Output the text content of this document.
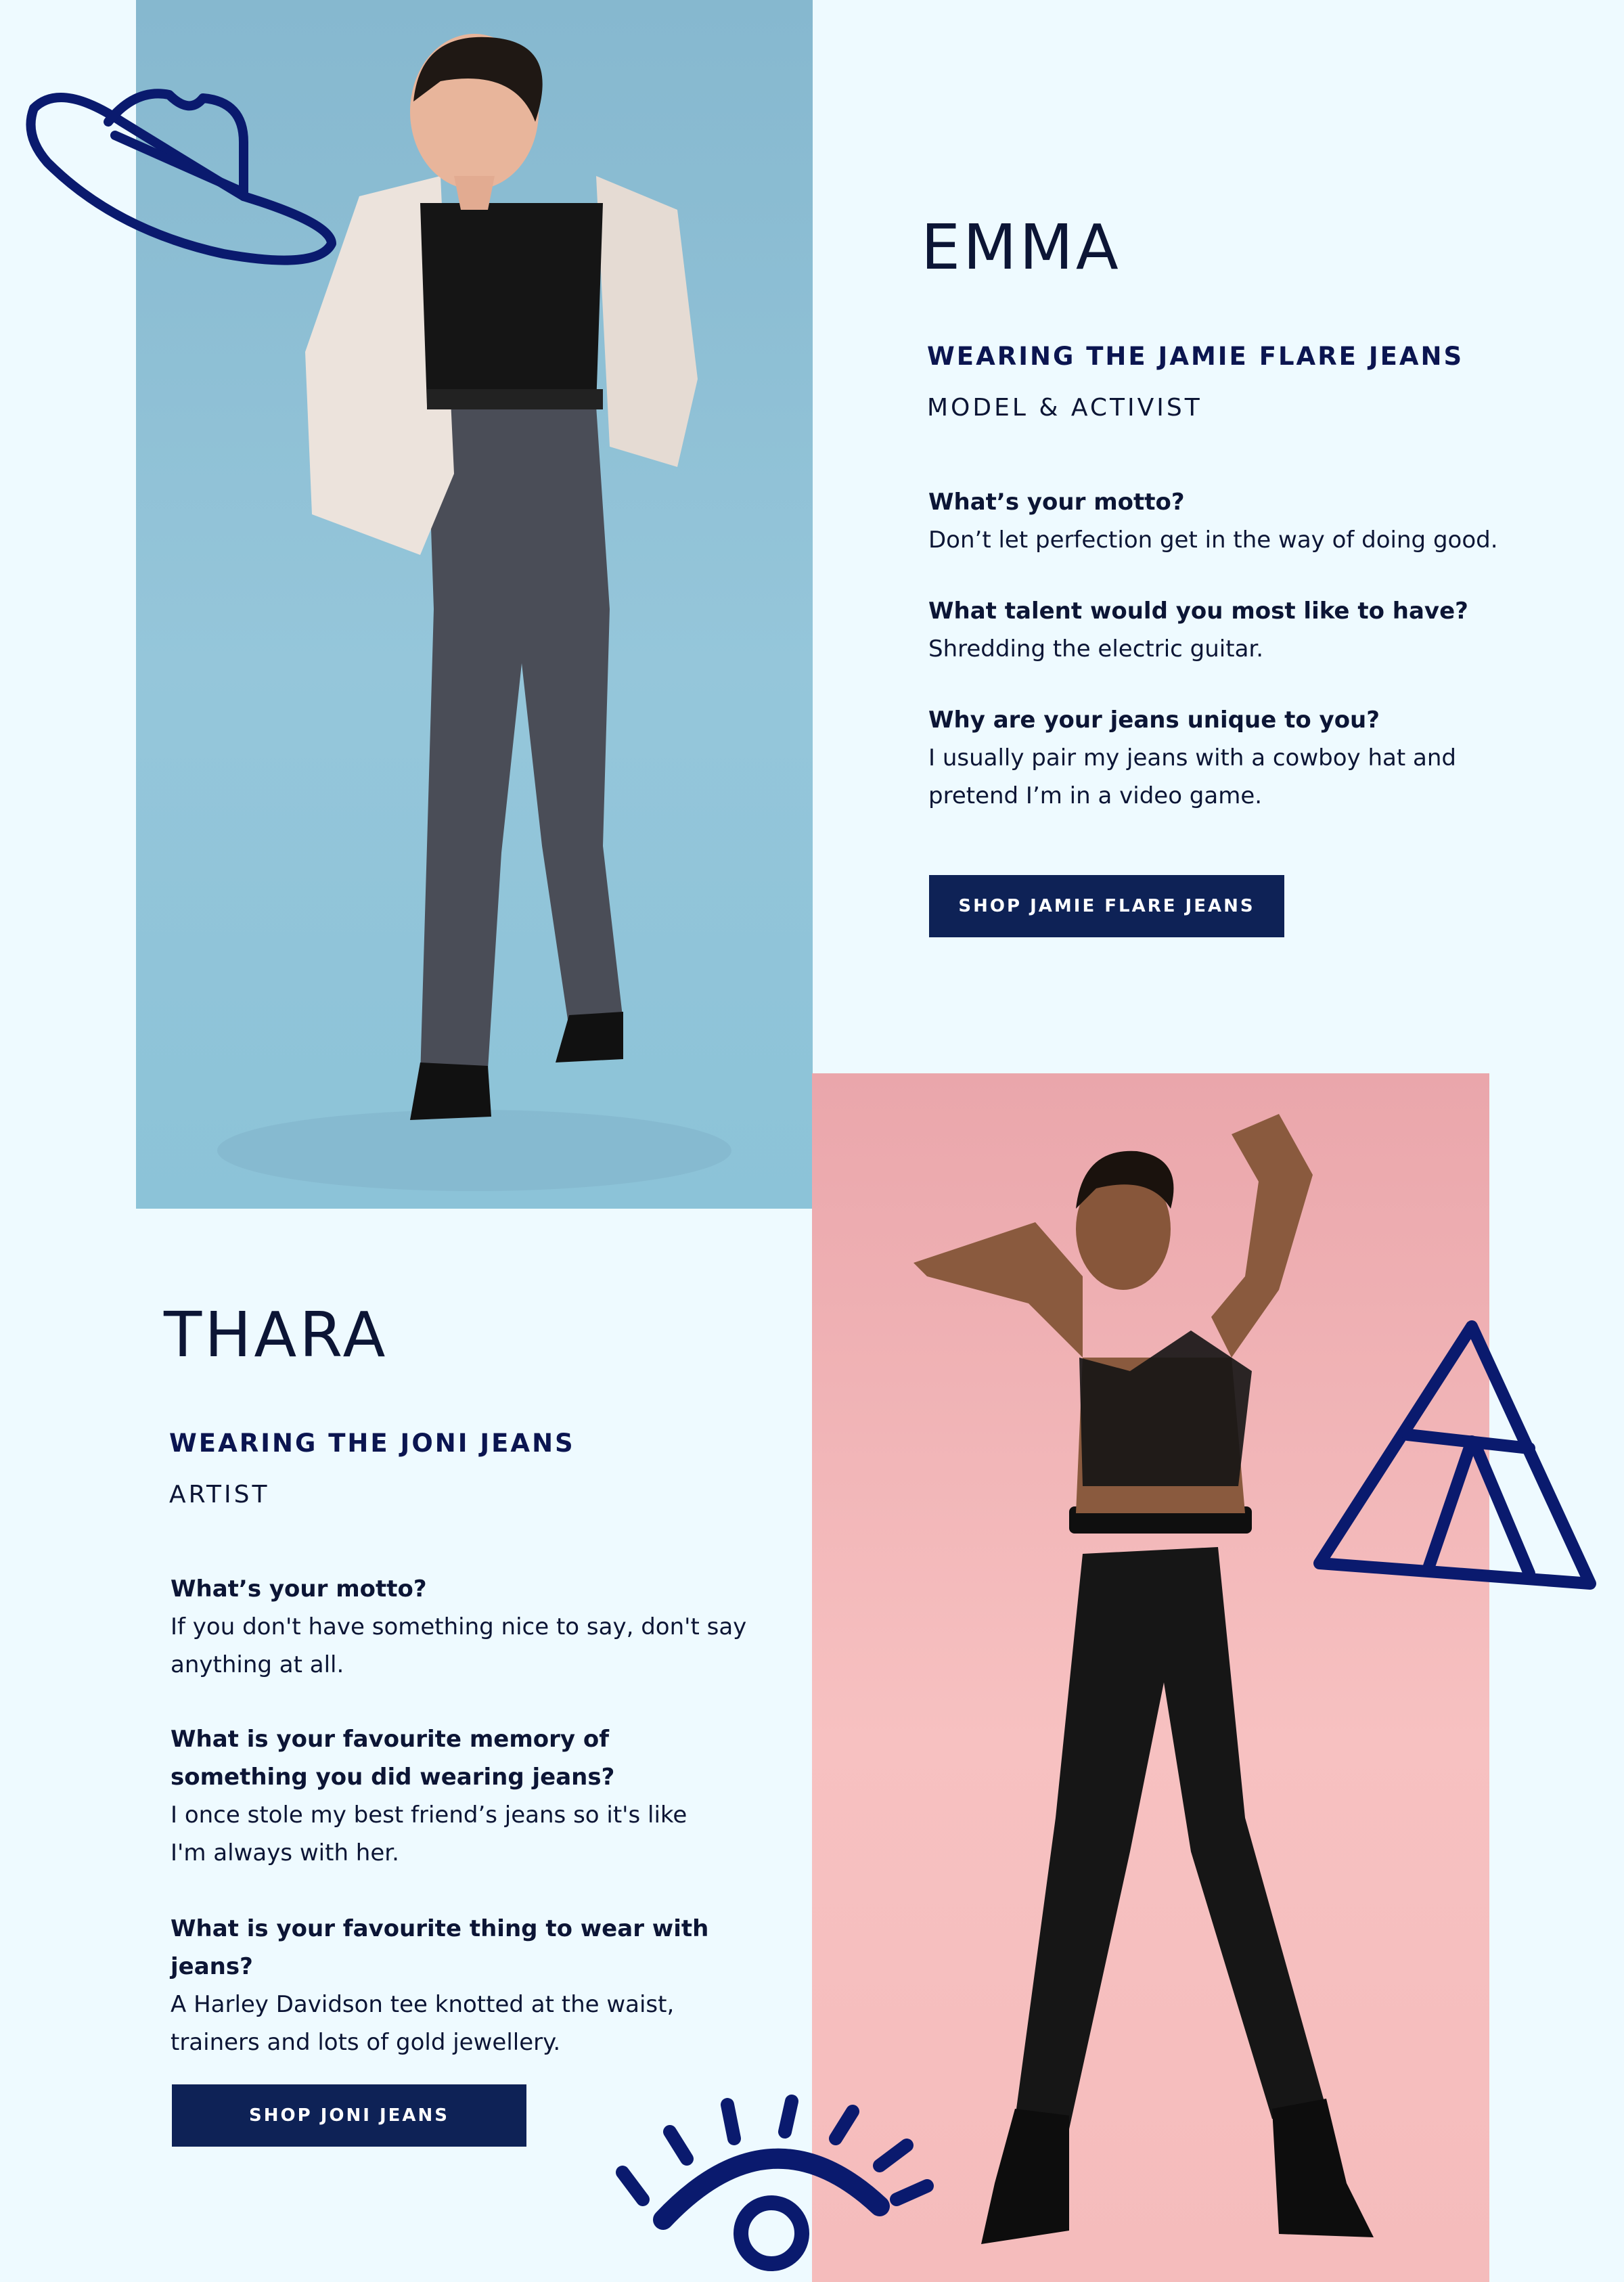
EMMA
WEARING THE JAMIE FLARE JEANS

MODEL & ACTIVIST

What’s your motto?
Don’t let perfection get in the way of doing good.
What talent would you most like to have?
Shredding the electric guitar.
Why are your jeans unique to you?
I usually pair my jeans with a cowboy hat and pretend I’m in a video game.
SHOP JAMIE FLARE JEANS
THARA
WEARING THE JONI JEANS

ARTIST

What’s your motto?
If you don't have something nice to say, don't say anything at all.
What is your favourite memory of something you did wearing jeans?
I once stole my best friend’s jeans so it's like I'm always with her.
What is your favourite thing to wear with jeans?
A Harley Davidson tee knotted at the waist, trainers and lots of gold jewellery.
SHOP JONI JEANS
